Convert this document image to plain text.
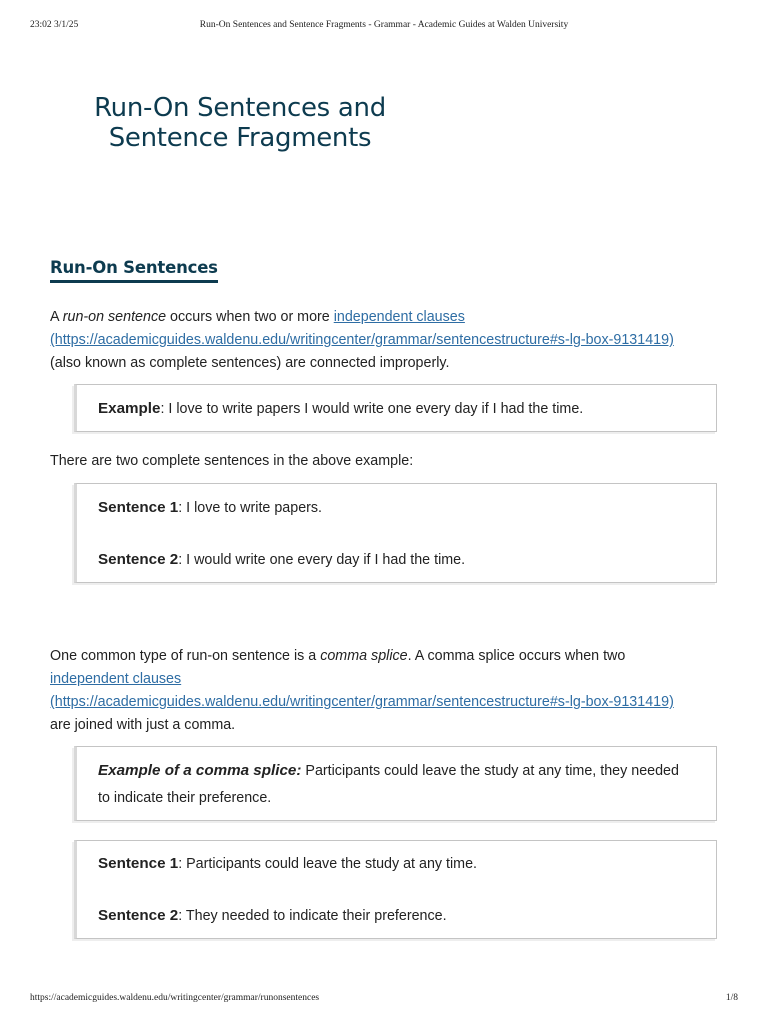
23:02 3/1/25	Run-On Sentences and Sentence Fragments - Grammar - Academic Guides at Walden University
Run-On Sentences and Sentence Fragments
Run-On Sentences

A run-on sentence occurs when two or more independent clauses
(https://academicguides.waldenu.edu/writingcenter/grammar/sentencestructure#s-lg-box-9131419)
(also known as complete sentences) are connected improperly.

Example: I love to write papers I would write one every day if I had the time.

There are two complete sentences in the above example:

Sentence 1: I love to write papers.

Sentence 2: I would write one every day if I had the time.

One common type of run-on sentence is a comma splice. A comma splice occurs when two
independent clauses
(https://academicguides.waldenu.edu/writingcenter/grammar/sentencestructure#s-lg-box-9131419)
are joined with just a comma.

Example of a comma splice: Participants could leave the study at any time, they needed
to indicate their preference.

Sentence 1: Participants could leave the study at any time.

Sentence 2: They needed to indicate their preference.

https://academicguides.waldenu.edu/writingcenter/grammar/runonsentences	1/8
